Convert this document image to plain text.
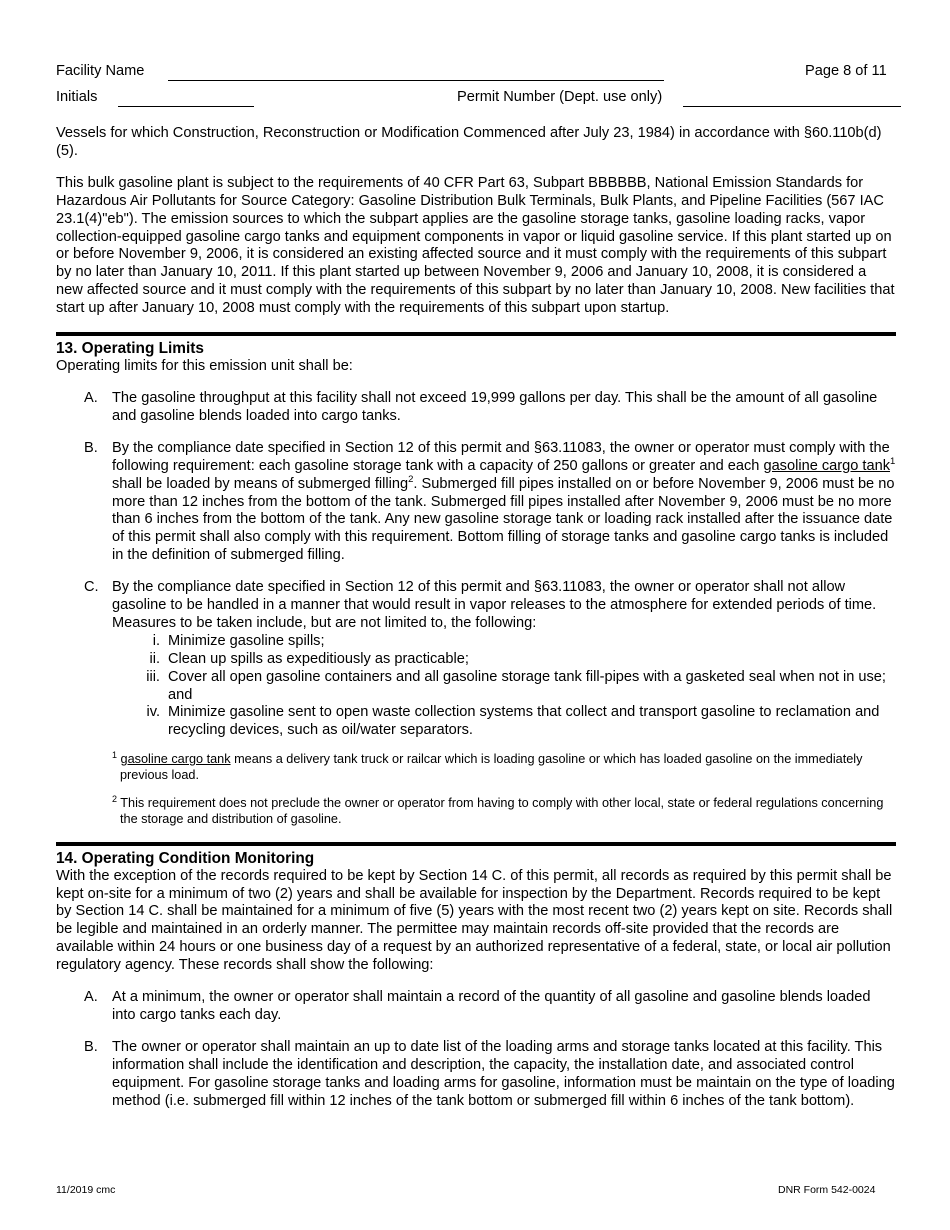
Facility Name	Page 8 of 11
Initials	Permit Number (Dept. use only)

Vessels for which Construction, Reconstruction or Modification Commenced after July 23, 1984) in accordance with §60.110b(d)(5).

This bulk gasoline plant is subject to the requirements of 40 CFR Part 63, Subpart BBBBBB, National Emission Standards for Hazardous Air Pollutants for Source Category: Gasoline Distribution Bulk Terminals, Bulk Plants, and Pipeline Facilities (567 IAC 23.1(4)"eb"). The emission sources to which the subpart applies are the gasoline storage tanks, gasoline loading racks, vapor collection-equipped gasoline cargo tanks and equipment components in vapor or liquid gasoline service. If this plant started up on or before November 9, 2006, it is considered an existing affected source and it must comply with the requirements of this subpart by no later than January 10, 2011. If this plant started up between November 9, 2006 and January 10, 2008, it is considered a new affected source and it must comply with the requirements of this subpart by no later than January 10, 2008. New facilities that start up after January 10, 2008 must comply with the requirements of this subpart upon startup.

13. Operating Limits

Operating limits for this emission unit shall be:

A. The gasoline throughput at this facility shall not exceed 19,999 gallons per day. This shall be the amount of all gasoline and gasoline blends loaded into cargo tanks.
B. By the compliance date specified in Section 12 of this permit and §63.11083, the owner or operator must comply with the following requirement: each gasoline storage tank with a capacity of 250 gallons or greater and each gasoline cargo tank$^1$ shall be loaded by means of submerged filling$^2$. Submerged fill pipes installed on or before November 9, 2006 must be no more than 12 inches from the bottom of the tank. Submerged fill pipes installed after November 9, 2006 must be no more than 6 inches from the bottom of the tank. Any new gasoline storage tank or loading rack installed after the issuance date of this permit shall also comply with this requirement. Bottom filling of storage tanks and gasoline cargo tanks is included in the definition of submerged filling.
C. By the compliance date specified in Section 12 of this permit and §63.11083, the owner or operator shall not allow gasoline to be handled in a manner that would result in vapor releases to the atmosphere for extended periods of time. Measures to be taken include, but are not limited to, the following:
i. Minimize gasoline spills;
ii. Clean up spills as expeditiously as practicable;
iii. Cover all open gasoline containers and all gasoline storage tank fill-pipes with a gasketed seal when not in use; and
iv. Minimize gasoline sent to open waste collection systems that collect and transport gasoline to reclamation and recycling devices, such as oil/water separators.
$^1$ gasoline cargo tank means a delivery tank truck or railcar which is loading gasoline or which has loaded gasoline on the immediately previous load.
$^2$ This requirement does not preclude the owner or operator from having to comply with other local, state or federal regulations concerning the storage and distribution of gasoline.
14. Operating Condition Monitoring

With the exception of the records required to be kept by Section 14 C. of this permit, all records as required by this permit shall be kept on-site for a minimum of two (2) years and shall be available for inspection by the Department. Records required to be kept by Section 14 C. shall be maintained for a minimum of five (5) years with the most recent two (2) years kept on site. Records shall be legible and maintained in an orderly manner. The permittee may maintain records off-site provided that the records are available within 24 hours or one business day of a request by an authorized representative of a federal, state, or local air pollution regulatory agency. These records shall show the following:

A. At a minimum, the owner or operator shall maintain a record of the quantity of all gasoline and gasoline blends loaded into cargo tanks each day.
B. The owner or operator shall maintain an up to date list of the loading arms and storage tanks located at this facility. This information shall include the identification and description, the capacity, the installation date, and associated control equipment. For gasoline storage tanks and loading arms for gasoline, information must be maintain on the type of loading method (i.e. submerged fill within 12 inches of the tank bottom or submerged fill within 6 inches of the tank bottom).
11/2019 cmc	DNR Form 542-0024
